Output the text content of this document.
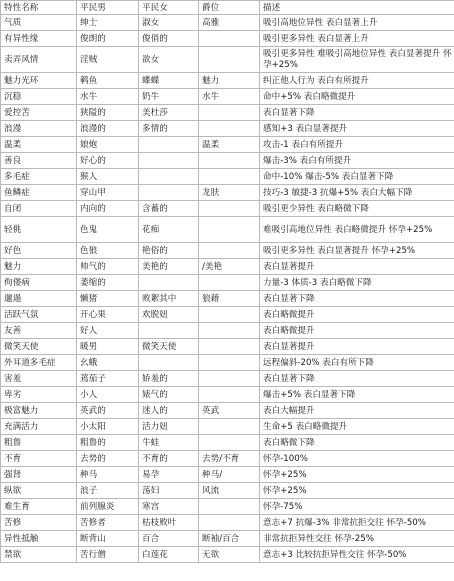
特性名称	平民男	平民女	爵位	描述
气质	绅士	淑女	高雅	吸引高地位异性 表白显著上升
有异性缘	俊朗的	俊俏的		吸引更多异性 表白显著上升
卖弄风情	淫贼	欲女		吸引更多异性 难吸引高地位异性 表白显著提升 怀孕+25%
魅力光环	鹌鱼	蝶蝶	魅力	纠正他人行为 表白有所提升
沉稳	水牛	奶牛	水牛	命中+5% 表白略微提升
爱控苦	狭隘的	美杜莎		表白显著下降
浪漫	浪漫的	多情的		感知+3 表白显著提升
温柔	娘炮		温柔	攻击-1 表白有所提升
善良	好心的			爆击-3% 表白有所提升
多毛症	猴人			命中-10% 爆击-5% 表白显著下降
鱼鳞症	穿山甲		龙肤	技巧-3 敏捷-3 抗爆+5% 表白大幅下降
自闭	内向的	含蓄的		吸引更少异性 表白略微下降
轻佻	色鬼	花痴		难吸引高地位异性 表白略微提升 怀孕+25%
好色	色狼	艳俗的		吸引更多异性 表白显著提升 怀孕+25%
魅力	帅气的	美艳的	/美艳	表白显著提升
佝偻病	萎缩的			力量-3 体质-3 表白略微下降
邋遢	懒猪	败絮其中	狼藉	表白显著下降
活跃气氛	开心果	欢脱妞		表白略微提升
友善	好人			表白略微提升
微笑天使	暖男	微笑天使		表白显著提升
外耳道多毛症	幺蛾			远程偏斜-20% 表白有所下降
害羞	蔫茄子	娇羞的		表白显著下降
卑劣	小人	婊气的		爆击+5% 表白显著下降
极富魅力	英武的	迷人的	英武	表白大幅提升
充满活力	小太阳	活力妞		生命+5 表白略微提升
粗鲁	粗鲁的	牛蛙		表白略微下降
不育	去势的	不育的	去势/不育	怀孕-100%
强肾	种马	易孕	种马/	怀孕+25%
纵欲	浪子	荡妇	风流	怀孕+25%
难生育	前列腺炎	寒宫		怀孕-75%
苦修	苦修者	枯枝败叶		意志+7 抗爆-3% 非常抗拒交往 怀孕-50%
异性抵触	断背山	百合	断袖/百合	非常抗拒异性交往 怀孕-25%
禁欲	苦行僧	白莲花	无欲	意志+3 比较抗拒异性交往 怀孕-50%
